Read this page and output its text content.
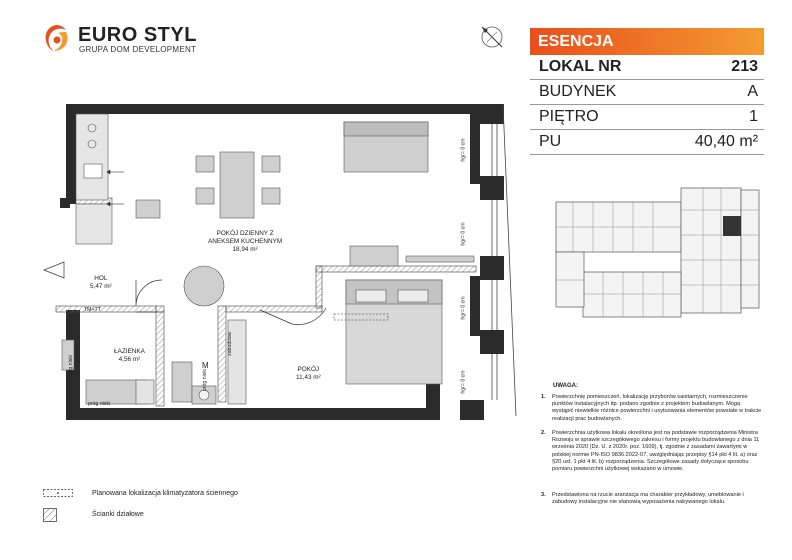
EURO STYL
GRUPA DOM DEVELOPMENT	ESENCJA
LOKAL NR	213
BUDYNEK	A
PIĘTRO	1
PU	40,40 m²
UWAGA:
1. Powierzchnię pomieszczeń, lokalizację przyborów sanitarnych, rozmieszczenie punktów instalacyjnych itp. podano zgodnie z projektem budowlanym. Mogą wystąpić niewielkie różnice powierzchni i usytuowania elementów powstałe w trakcie realizacji prac budowlanych.
2. Powierzchnia użytkowa lokalu określona jest na podstawie rozporządzenia Ministra Rozwoju w sprawie szczegółowego zakresu i formy projektu budowlanego z dnia 11 września 2020 (Dz. U. z 2020r. poz. 1609), tj. zgodnie z zasadami zawartymi w polskiej normie PN-ISO 9836:2022-07, uwzględniając przepisy §14 pkt 4 lit. a) oraz §20 ust. 1 pkt 4 lit. b) rozporządzenia. Szczegółowe zasady dotyczące sposobu pomiaru powierzchni użytkowej wskazano w umowie.
3. Przedstawiona na rzucie aranżacja ma charakter przykładowy, umeblowanie i zabudowy instalacyjne nie stanowią wyposażenia nabywanego lokalu.
Planowana lokalizacja klimatyzatora ściennego
Ścianki działowe
POKÓJ DZIENNY Z
ANEKSEM KUCHENNYM
18,94 m²
HOL
5,47 m²
ŁAZIENKA
4,56 m²
POKÓJ
11,43 m²
TM+TT
M
próg niski
próg niski
próg niski
zabudowa
hgr= 0 cm
hgr= 0 cm
hgr= 0 cm
hgr= 0 cm
